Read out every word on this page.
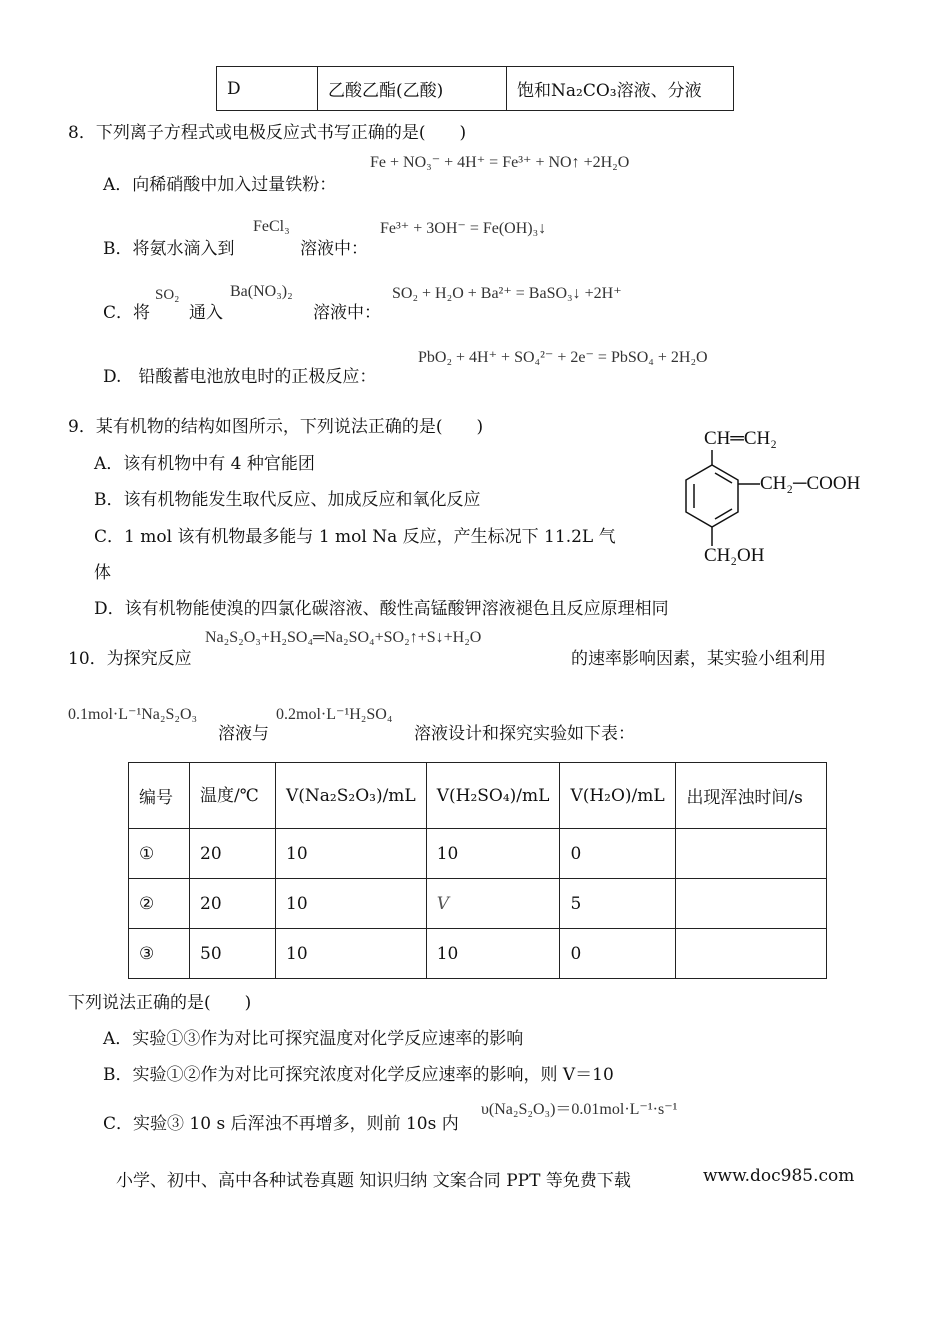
D	乙酸乙酯(乙酸)	饱和Na₂CO₃溶液、分液
8．下列离子方程式或电极反应式书写正确的是(　　)
A．向稀硝酸中加入过量铁粉：
Fe + NO₃⁻ + 4H⁺ = Fe³⁺ + NO↑ +2H₂O
B．将氨水滴入到
FeCl₃
溶液中：
Fe³⁺ + 3OH⁻ = Fe(OH)₃↓
C．将
SO₂
通入
Ba(NO₃)₂
溶液中：
SO₂ + H₂O + Ba²⁺ = BaSO₃↓ +2H⁺
D.　铅酸蓄电池放电时的正极反应：
PbO₂ + 4H⁺ + SO₄²⁻ + 2e⁻ = PbSO₄ + 2H₂O
9．某有机物的结构如图所示，下列说法正确的是(　　)
A．该有机物中有 4 种官能团
B．该有机物能发生取代反应、加成反应和氧化反应
C．1 mol 该有机物最多能与 1 mol Na 反应，产生标况下 11.2L 气
体
D．该有机物能使溴的四氯化碳溶液、酸性高锰酸钾溶液褪色且反应原理相同
CH═CH₂
CH₂─COOH
CH₂OH
10．为探究反应
Na₂S₂O₃+H₂SO₄═Na₂SO₄+SO₂↑+S↓+H₂O
的速率影响因素，某实验小组利用
0.1mol·L⁻¹Na₂S₂O₃
溶液与
0.2mol·L⁻¹H₂SO₄
溶液设计和探究实验如下表：
编号	温度/℃	V(Na₂S₂O₃)/mL	V(H₂SO₄)/mL	V(H₂O)/mL	出现浑浊时间/s
①	20	10	10	0	
②	20	10	V	5	
③	50	10	10	0	
下列说法正确的是(　　)
A．实验①③作为对比可探究温度对化学反应速率的影响
B．实验①②作为对比可探究浓度对化学反应速率的影响，则 V＝10
C．实验③ 10 s 后浑浊不再增多，则前 10s 内
υ(Na₂S₂O₃)＝0.01mol·L⁻¹·s⁻¹
小学、初中、高中各种试卷真题 知识归纳 文案合同 PPT 等免费下载	www.doc985.com
